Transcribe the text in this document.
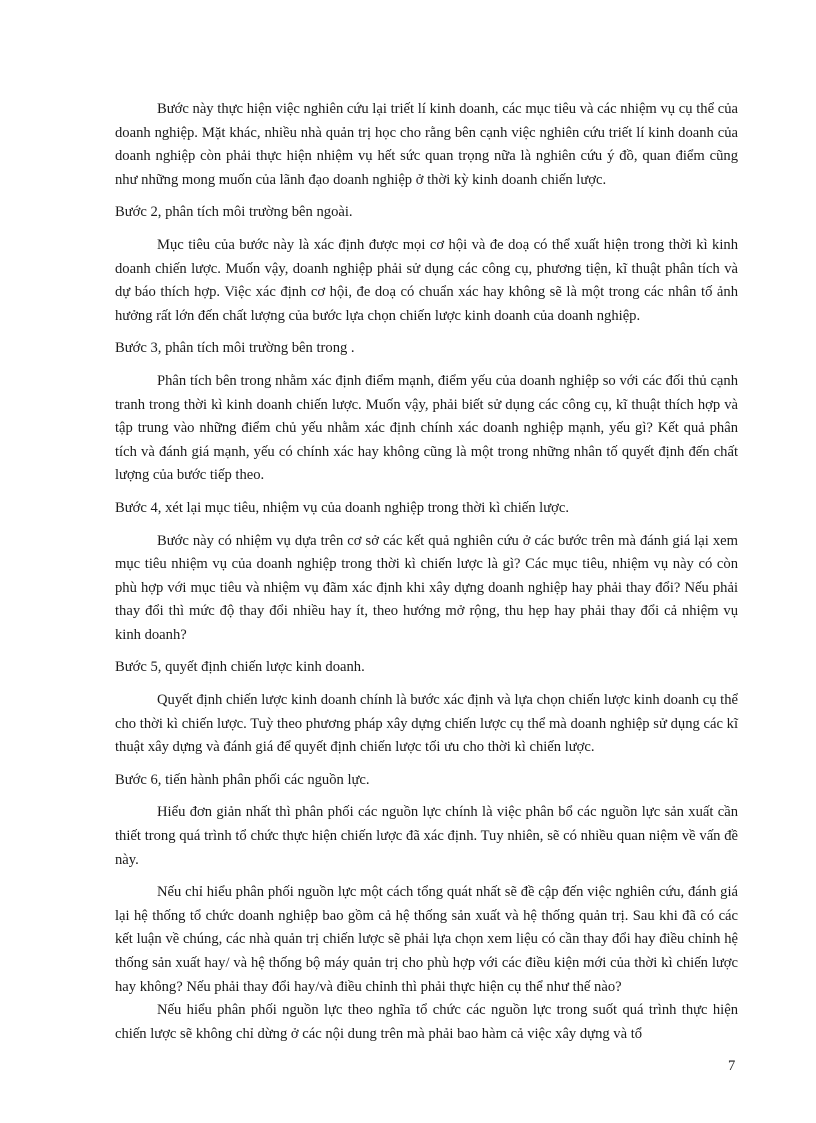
Bước này thực hiện việc nghiên cứu lại triết lí kinh doanh, các mục tiêu và các nhiệm vụ cụ thể của doanh nghiệp. Mặt khác, nhiều nhà quản trị học cho rằng bên cạnh việc nghiên cứu triết lí kinh doanh của doanh nghiệp còn phải thực hiện nhiệm vụ hết sức quan trọng nữa là nghiên cứu ý đồ, quan điểm cũng như những mong muốn của lãnh đạo doanh nghiệp ở thời kỳ kinh doanh chiến lược.

Bước 2, phân tích môi trường bên ngoài.

Mục tiêu của bước này là xác định được mọi cơ hội và đe doạ có thể xuất hiện trong thời kì kinh doanh chiến lược. Muốn vậy, doanh nghiệp phải sử dụng các công cụ, phương tiện, kĩ thuật phân tích và dự báo thích hợp. Việc xác định cơ hội, đe doạ có chuẩn xác hay không sẽ là một trong các nhân tố ảnh hưởng rất lớn đến chất lượng của bước lựa chọn chiến lược kinh doanh của doanh nghiệp.

Bước 3, phân tích môi trường bên trong .

Phân tích bên trong nhằm xác định điểm mạnh, điểm yếu của doanh nghiệp so với các đối thủ cạnh tranh trong thời kì kinh doanh chiến lược. Muốn vậy, phải biết sử dụng các công cụ, kĩ thuật thích hợp và tập trung vào những điểm chủ yếu nhằm xác định chính xác doanh nghiệp mạnh, yếu gì? Kết quả phân tích và đánh giá mạnh, yếu có chính xác hay không cũng là một trong những nhân tố quyết định đến chất lượng của bước tiếp theo.

Bước 4, xét lại mục tiêu, nhiệm vụ của doanh nghiệp trong thời kì chiến lược.

Bước này có nhiệm vụ dựa trên cơ sở các kết quả nghiên cứu ở các bước trên mà đánh giá lại xem mục tiêu nhiệm vụ của doanh nghiệp trong thời kì chiến lược là gì? Các mục tiêu, nhiệm vụ này có còn phù hợp với mục tiêu và nhiệm vụ đãm xác định khi xây dựng doanh nghiệp hay phải thay đổi? Nếu phải thay đổi thì mức độ thay đổi nhiều hay ít, theo hướng mở rộng, thu hẹp hay phải thay đổi cả nhiệm vụ kinh doanh?

Bước 5, quyết định chiến lược kinh doanh.

Quyết định chiến lược kinh doanh chính là bước xác định và lựa chọn chiến lược kinh doanh cụ thể cho thời kì chiến lược. Tuỳ theo phương pháp xây dựng chiến lược cụ thể mà doanh nghiệp sử dụng các kĩ thuật xây dựng và đánh giá để quyết định chiến lược tối ưu cho thời kì chiến lược.

Bước 6, tiến hành phân phối các nguồn lực.

Hiểu đơn giản nhất thì phân phối các nguồn lực chính là việc phân bổ các nguồn lực sản xuất cần thiết trong quá trình tổ chức thực hiện chiến lược đã xác định. Tuy nhiên, sẽ có nhiều quan niệm về vấn đề này.

Nếu chỉ hiểu phân phối nguồn lực một cách tổng quát nhất sẽ đề cập đến việc nghiên cứu, đánh giá lại hệ thống tổ chức doanh nghiệp bao gồm cả hệ thống sản xuất và hệ thống quản trị. Sau khi đã có các kết luận về chúng, các nhà quản trị chiến lược sẽ phải lựa chọn xem liệu có cần thay đổi hay điều chỉnh hệ thống sản xuất hay/ và hệ thống bộ máy quản trị cho phù hợp với các điều kiện mới của thời kì chiến lược hay không? Nếu phải thay đổi hay/và điều chỉnh thì phải thực hiện cụ thể như thế nào?

Nếu hiểu phân phối nguồn lực theo nghĩa tổ chức các nguồn lực trong suốt quá trình thực hiện chiến lược sẽ không chỉ dừng ở các nội dung trên mà phải bao hàm cả việc xây dựng và tổ

7
